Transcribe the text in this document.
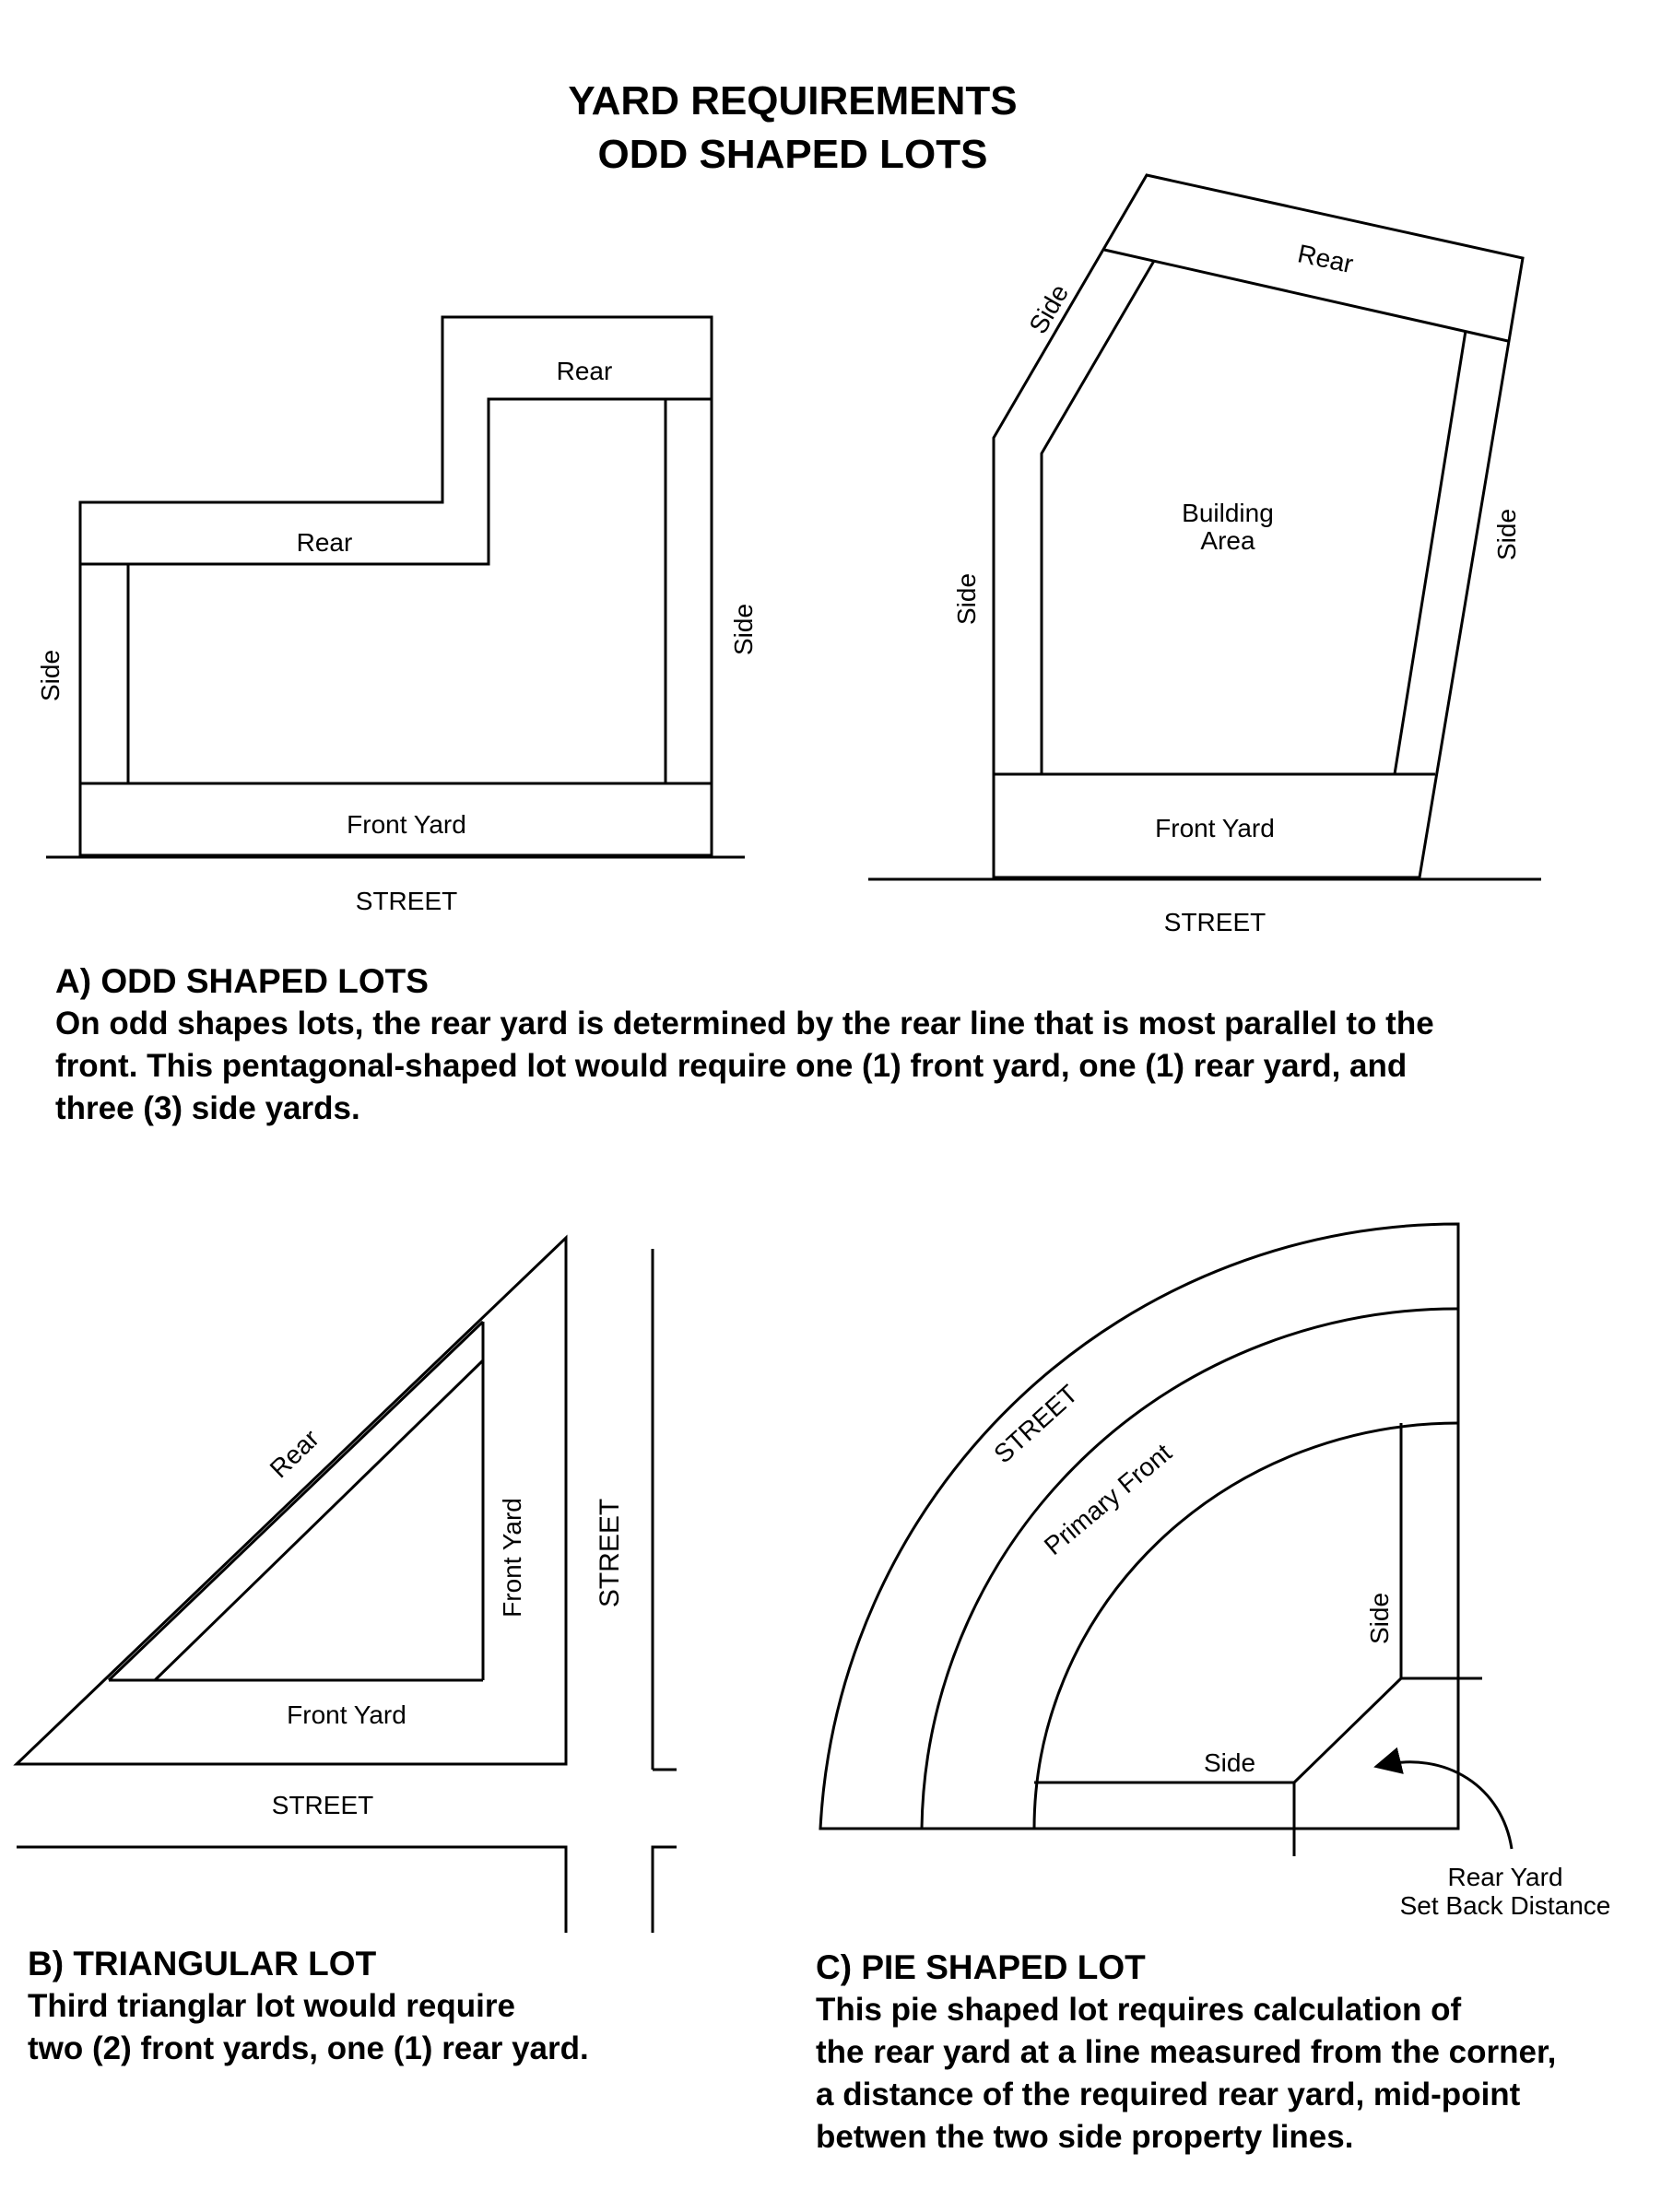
YARD REQUIREMENTS
ODD SHAPED LOTS
Rear
Rear
Side
Side
Front Yard
STREET
Rear
Side
Side
Side
Building
Area
Front Yard
STREET
Rear
Front Yard
Front Yard
STREET
STREET
STREET
Primary Front
Side
Side
Rear Yard
Set Back Distance
A) ODD SHAPED LOTS
On odd shapes lots, the rear yard is determined by the rear line that is most parallel to the
front. This pentagonal-shaped lot would require one (1) front yard, one (1) rear yard, and
three (3) side yards.
B) TRIANGULAR LOT
Third trianglar lot would require
two (2) front yards, one (1) rear yard.
C) PIE SHAPED LOT
This pie shaped lot requires calculation of
the rear yard at a line measured from the corner,
a distance of the required rear yard, mid-point
betwen the two side property lines.
